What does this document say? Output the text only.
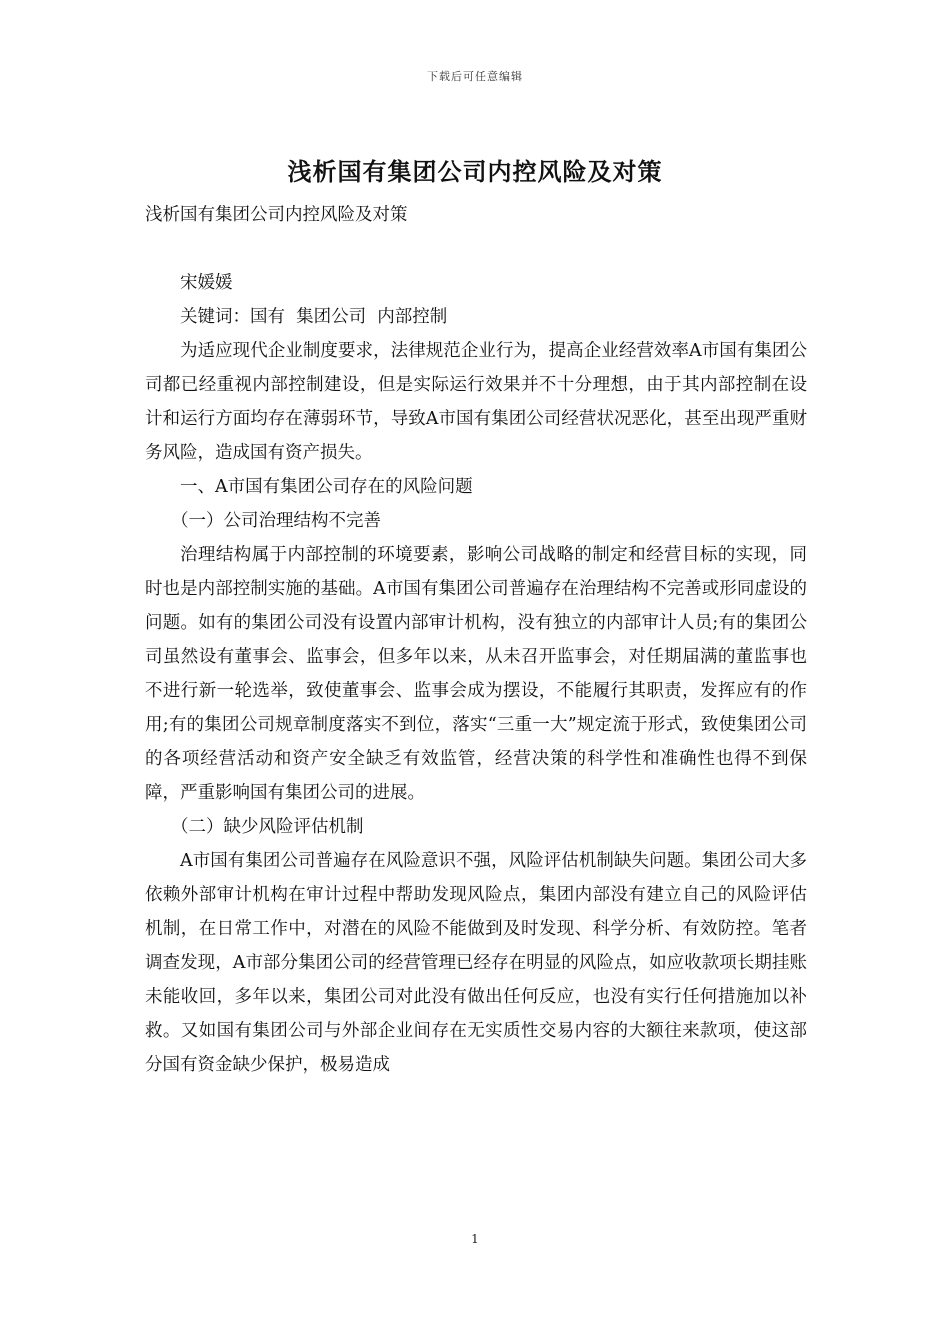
下载后可任意编辑
浅析国有集团公司内控风险及对策

浅析国有集团公司内控风险及对策

宋媛媛

关键词：国有  集团公司  内部控制

为适应现代企业制度要求，法律规范企业行为，提高企业经营效率A市国有集团公司都已经重视内部控制建设，但是实际运行效果并不十分理想，由于其内部控制在设计和运行方面均存在薄弱环节，导致A市国有集团公司经营状况恶化，甚至出现严重财务风险，造成国有资产损失。

一、A市国有集团公司存在的风险问题

（一）公司治理结构不完善

治理结构属于内部控制的环境要素，影响公司战略的制定和经营目标的实现，同时也是内部控制实施的基础。A市国有集团公司普遍存在治理结构不完善或形同虚设的问题。如有的集团公司没有设置内部审计机构，没有独立的内部审计人员;有的集团公司虽然设有董事会、监事会，但多年以来，从未召开监事会，对任期届满的董监事也不进行新一轮选举，致使董事会、监事会成为摆设，不能履行其职责，发挥应有的作用;有的集团公司规章制度落实不到位，落实“三重一大”规定流于形式，致使集团公司的各项经营活动和资产安全缺乏有效监管，经营决策的科学性和准确性也得不到保障，严重影响国有集团公司的进展。

（二）缺少风险评估机制

A市国有集团公司普遍存在风险意识不强，风险评估机制缺失问题。集团公司大多依赖外部审计机构在审计过程中帮助发现风险点，集团内部没有建立自己的风险评估机制，在日常工作中，对潜在的风险不能做到及时发现、科学分析、有效防控。笔者调查发现，A市部分集团公司的经营管理已经存在明显的风险点，如应收款项长期挂账未能收回，多年以来，集团公司对此没有做出任何反应，也没有实行任何措施加以补救。又如国有集团公司与外部企业间存在无实质性交易内容的大额往来款项，使这部分国有资金缺少保护，极易造成

1
